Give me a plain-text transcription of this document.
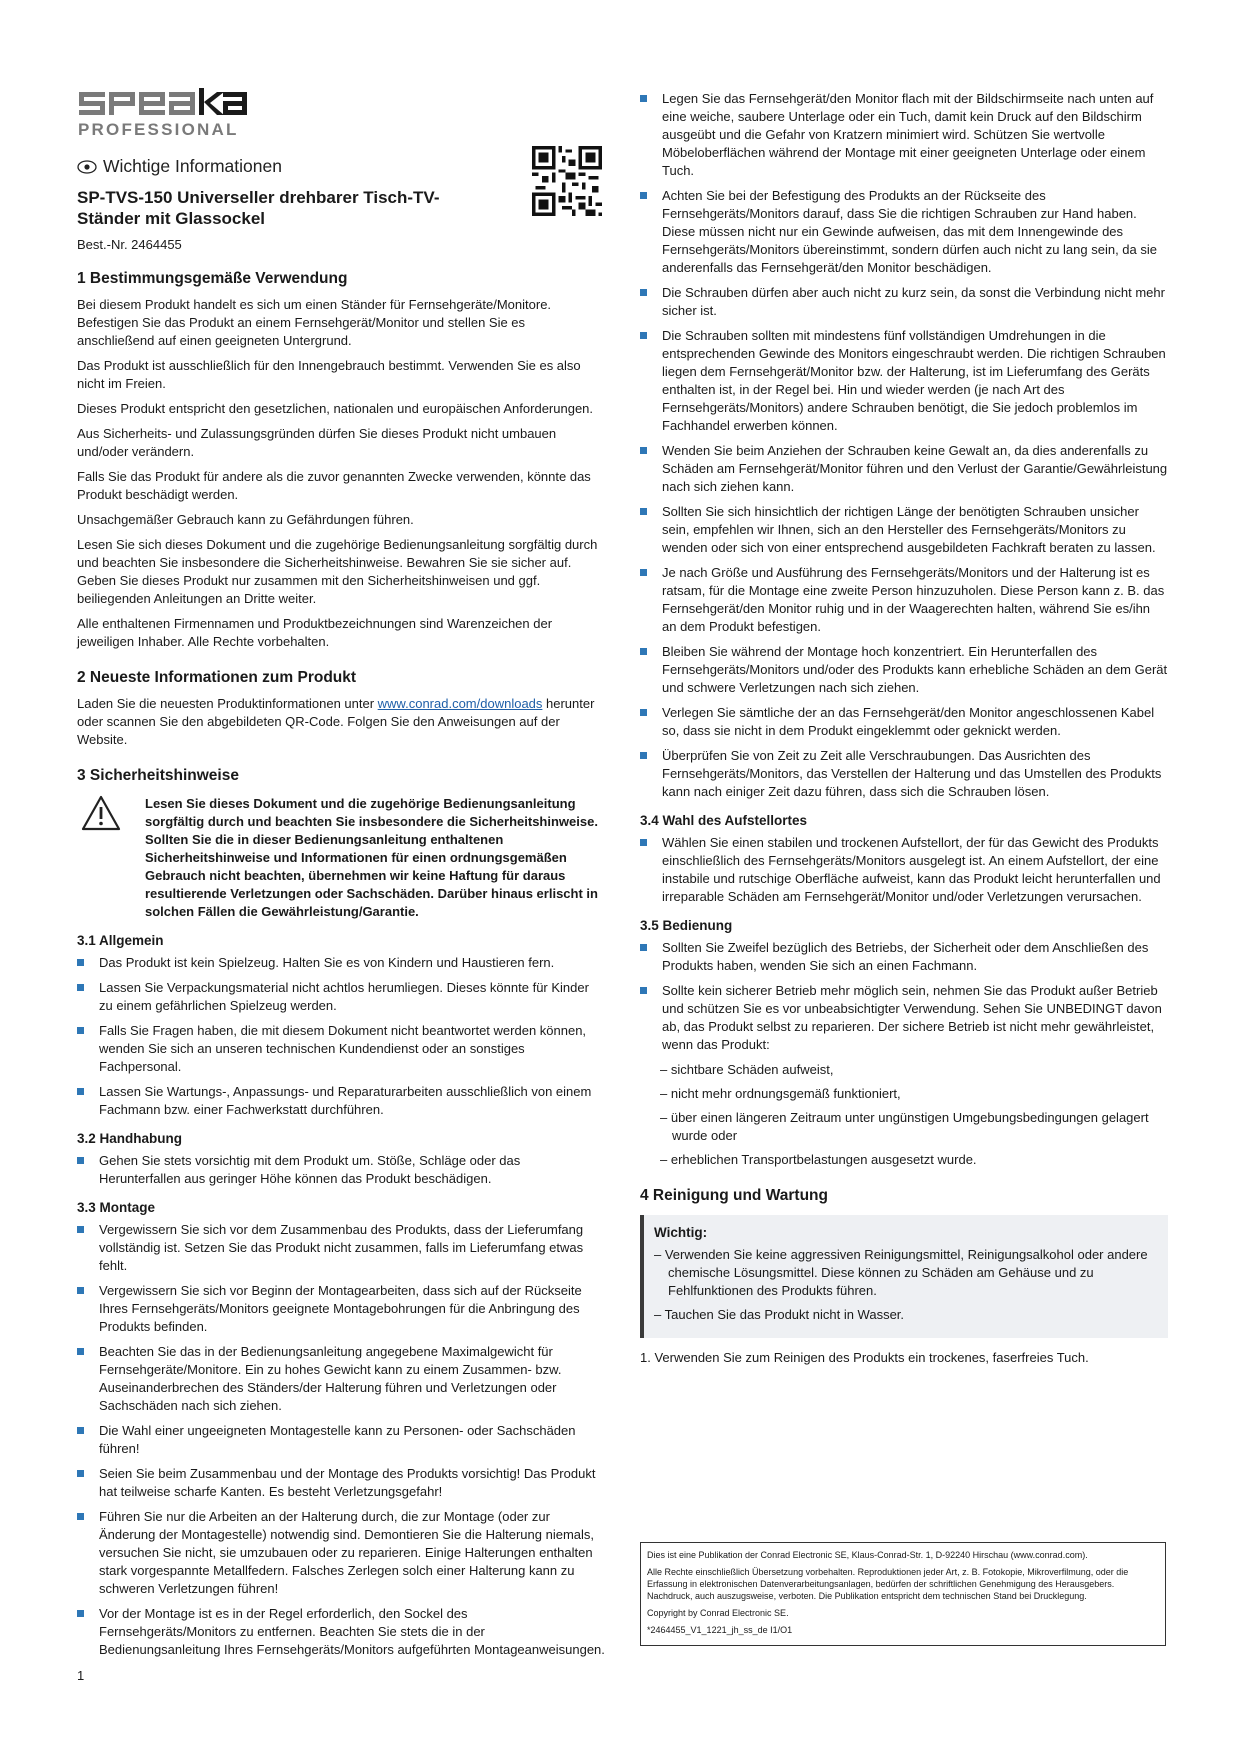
PROFESSIONAL
Wichtige Informationen
SP-TVS-150 Universeller drehbarer Tisch-TV-Ständer mit Glassockel
Best.-Nr. 2464455
1 Bestimmungsgemäße Verwendung

Bei diesem Produkt handelt es sich um einen Ständer für Fernsehgeräte/Monitore. Befestigen Sie das Produkt an einem Fernsehgerät/Monitor und stellen Sie es anschließend auf einen geeigneten Untergrund.

Das Produkt ist ausschließlich für den Innengebrauch bestimmt. Verwenden Sie es also nicht im Freien.

Dieses Produkt entspricht den gesetzlichen, nationalen und europäischen Anforderungen.

Aus Sicherheits- und Zulassungsgründen dürfen Sie dieses Produkt nicht umbauen und/oder verändern.

Falls Sie das Produkt für andere als die zuvor genannten Zwecke verwenden, könnte das Produkt beschädigt werden.

Unsachgemäßer Gebrauch kann zu Gefährdungen führen.

Lesen Sie sich dieses Dokument und die zugehörige Bedienungsanleitung sorgfältig durch und beachten Sie insbesondere die Sicherheitshinweise. Bewahren Sie sie sicher auf. Geben Sie dieses Produkt nur zusammen mit den Sicherheitshinweisen und ggf. beiliegenden Anleitungen an Dritte weiter.

Alle enthaltenen Firmennamen und Produktbezeichnungen sind Warenzeichen der jeweiligen Inhaber. Alle Rechte vorbehalten.

2 Neueste Informationen zum Produkt

Laden Sie die neuesten Produktinformationen unter www.conrad.com/downloads herunter oder scannen Sie den abgebildeten QR-Code. Folgen Sie den Anweisungen auf der Website.

3 Sicherheitshinweise
Lesen Sie dieses Dokument und die zugehörige Bedienungsanleitung sorgfältig durch und beachten Sie insbesondere die Sicherheitshinweise. Sollten Sie die in dieser Bedienungsanleitung enthaltenen Sicherheitshinweise und Informationen für einen ordnungsgemäßen Gebrauch nicht beachten, übernehmen wir keine Haftung für daraus resultierende Verletzungen oder Sachschäden. Darüber hinaus erlischt in solchen Fällen die Gewährleistung/Garantie.
3.1 Allgemein
Das Produkt ist kein Spielzeug. Halten Sie es von Kindern und Haustieren fern.
Lassen Sie Verpackungsmaterial nicht achtlos herumliegen. Dieses könnte für Kinder zu einem gefährlichen Spielzeug werden.
Falls Sie Fragen haben, die mit diesem Dokument nicht beantwortet werden können, wenden Sie sich an unseren technischen Kundendienst oder an sonstiges Fachpersonal.
Lassen Sie Wartungs-, Anpassungs- und Reparaturarbeiten ausschließlich von einem Fachmann bzw. einer Fachwerkstatt durchführen.
3.2 Handhabung
Gehen Sie stets vorsichtig mit dem Produkt um. Stöße, Schläge oder das Herunterfallen aus geringer Höhe können das Produkt beschädigen.
3.3 Montage
Vergewissern Sie sich vor dem Zusammenbau des Produkts, dass der Lieferumfang vollständig ist. Setzen Sie das Produkt nicht zusammen, falls im Lieferumfang etwas fehlt.
Vergewissern Sie sich vor Beginn der Montagearbeiten, dass sich auf der Rückseite Ihres Fernsehgeräts/Monitors geeignete Montagebohrungen für die Anbringung des Produkts befinden.
Beachten Sie das in der Bedienungsanleitung angegebene Maximalgewicht für Fernsehgeräte/Monitore. Ein zu hohes Gewicht kann zu einem Zusammen- bzw. Auseinanderbrechen des Ständers/der Halterung führen und Verletzungen oder Sachschäden nach sich ziehen.
Die Wahl einer ungeeigneten Montagestelle kann zu Personen- oder Sachschäden führen!
Seien Sie beim Zusammenbau und der Montage des Produkts vorsichtig! Das Produkt hat teilweise scharfe Kanten. Es besteht Verletzungsgefahr!
Führen Sie nur die Arbeiten an der Halterung durch, die zur Montage (oder zur Änderung der Montagestelle) notwendig sind. Demontieren Sie die Halterung niemals, versuchen Sie nicht, sie umzubauen oder zu reparieren. Einige Halterungen enthalten stark vorgespannte Metallfedern. Falsches Zerlegen solch einer Halterung kann zu schweren Verletzungen führen!
Vor der Montage ist es in der Regel erforderlich, den Sockel des Fernsehgeräts/Monitors zu entfernen. Beachten Sie stets die in der Bedienungsanleitung Ihres Fernsehgeräts/Monitors aufgeführten Montageanweisungen.
Legen Sie das Fernsehgerät/den Monitor flach mit der Bildschirmseite nach unten auf eine weiche, saubere Unterlage oder ein Tuch, damit kein Druck auf den Bildschirm ausgeübt und die Gefahr von Kratzern minimiert wird. Schützen Sie wertvolle Möbeloberflächen während der Montage mit einer geeigneten Unterlage oder einem Tuch.
Achten Sie bei der Befestigung des Produkts an der Rückseite des Fernsehgeräts/Monitors darauf, dass Sie die richtigen Schrauben zur Hand haben. Diese müssen nicht nur ein Gewinde aufweisen, das mit dem Innengewinde des Fernsehgeräts/Monitors übereinstimmt, sondern dürfen auch nicht zu lang sein, da sie anderenfalls das Fernsehgerät/den Monitor beschädigen.
Die Schrauben dürfen aber auch nicht zu kurz sein, da sonst die Verbindung nicht mehr sicher ist.
Die Schrauben sollten mit mindestens fünf vollständigen Umdrehungen in die entsprechenden Gewinde des Monitors eingeschraubt werden. Die richtigen Schrauben liegen dem Fernsehgerät/Monitor bzw. der Halterung, ist im Lieferumfang des Geräts enthalten ist, in der Regel bei. Hin und wieder werden (je nach Art des Fernsehgeräts/Monitors) andere Schrauben benötigt, die Sie jedoch problemlos im Fachhandel erwerben können.
Wenden Sie beim Anziehen der Schrauben keine Gewalt an, da dies anderenfalls zu Schäden am Fernsehgerät/Monitor führen und den Verlust der Garantie/Gewährleistung nach sich ziehen kann.
Sollten Sie sich hinsichtlich der richtigen Länge der benötigten Schrauben unsicher sein, empfehlen wir Ihnen, sich an den Hersteller des Fernsehgeräts/Monitors zu wenden oder sich von einer entsprechend ausgebildeten Fachkraft beraten zu lassen.
Je nach Größe und Ausführung des Fernsehgeräts/Monitors und der Halterung ist es ratsam, für die Montage eine zweite Person hinzuzuholen. Diese Person kann z. B. das Fernsehgerät/den Monitor ruhig und in der Waagerechten halten, während Sie es/ihn an dem Produkt befestigen.
Bleiben Sie während der Montage hoch konzentriert. Ein Herunterfallen des Fernsehgeräts/Monitors und/oder des Produkts kann erhebliche Schäden an dem Gerät und schwere Verletzungen nach sich ziehen.
Verlegen Sie sämtliche der an das Fernsehgerät/den Monitor angeschlossenen Kabel so, dass sie nicht in dem Produkt eingeklemmt oder geknickt werden.
Überprüfen Sie von Zeit zu Zeit alle Verschraubungen. Das Ausrichten des Fernsehgeräts/Monitors, das Verstellen der Halterung und das Umstellen des Produkts kann nach einiger Zeit dazu führen, dass sich die Schrauben lösen.
3.4 Wahl des Aufstellortes
Wählen Sie einen stabilen und trockenen Aufstellort, der für das Gewicht des Produkts einschließlich des Fernsehgeräts/Monitors ausgelegt ist. An einem Aufstellort, der eine instabile und rutschige Oberfläche aufweist, kann das Produkt leicht herunterfallen und irreparable Schäden am Fernsehgerät/Monitor und/oder Verletzungen verursachen.
3.5 Bedienung
Sollten Sie Zweifel bezüglich des Betriebs, der Sicherheit oder dem Anschließen des Produkts haben, wenden Sie sich an einen Fachmann.
Sollte kein sicherer Betrieb mehr möglich sein, nehmen Sie das Produkt außer Betrieb und schützen Sie es vor unbeabsichtigter Verwendung. Sehen Sie UNBEDINGT davon ab, das Produkt selbst zu reparieren. Der sichere Betrieb ist nicht mehr gewährleistet, wenn das Produkt:
– sichtbare Schäden aufweist,
– nicht mehr ordnungsgemäß funktioniert,
– über einen längeren Zeitraum unter ungünstigen Umgebungsbedingungen gelagert wurde oder
– erheblichen Transportbelastungen ausgesetzt wurde.
4 Reinigung und Wartung
Wichtig:
– Verwenden Sie keine aggressiven Reinigungsmittel, Reinigungsalkohol oder andere chemische Lösungsmittel. Diese können zu Schäden am Gehäuse und zu Fehlfunktionen des Produkts führen.
– Tauchen Sie das Produkt nicht in Wasser.
1. Verwenden Sie zum Reinigen des Produkts ein trockenes, faserfreies Tuch.

Dies ist eine Publikation der Conrad Electronic SE, Klaus-Conrad-Str. 1, D-92240 Hirschau (www.conrad.com).

Alle Rechte einschließlich Übersetzung vorbehalten. Reproduktionen jeder Art, z. B. Fotokopie, Mikroverfilmung, oder die Erfassung in elektronischen Datenverarbeitungsanlagen, bedürfen der schriftlichen Genehmigung des Herausgebers. Nachdruck, auch auszugsweise, verboten. Die Publikation entspricht dem technischen Stand bei Drucklegung.

Copyright by Conrad Electronic SE.

*2464455_V1_1221_jh_ss_de I1/O1

1
